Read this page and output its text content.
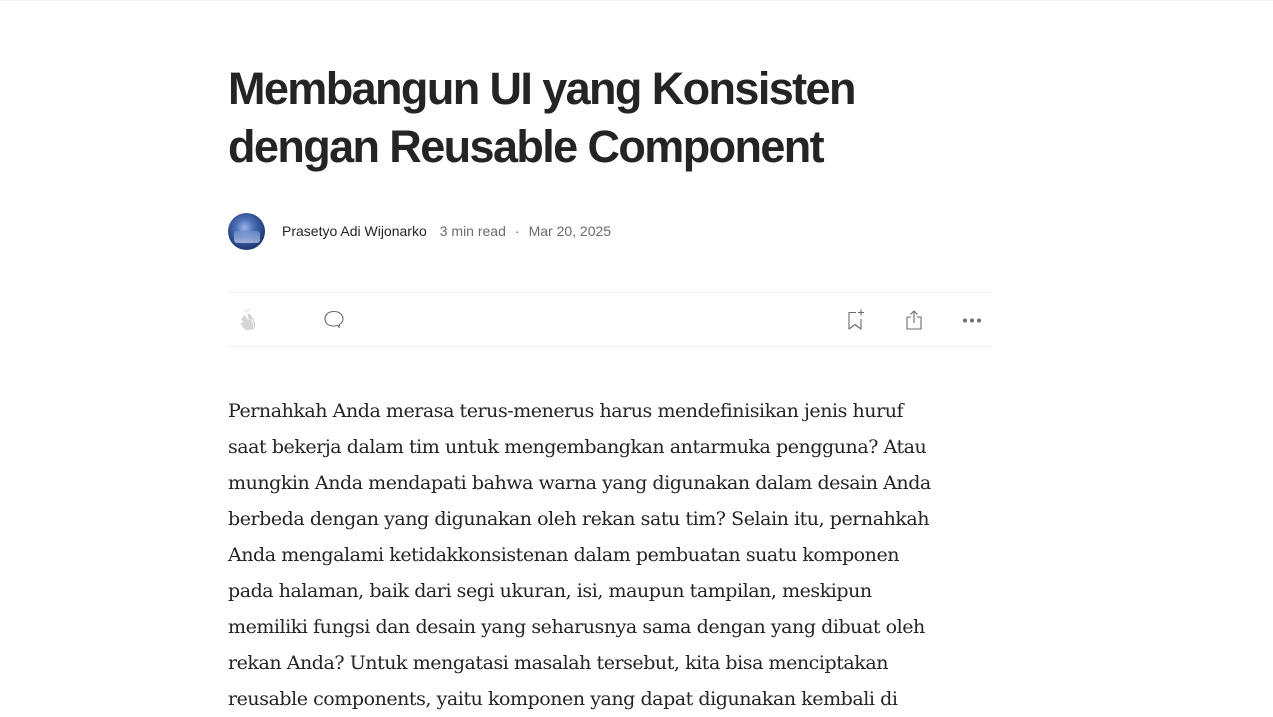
Membangun UI yang Konsisten
dengan Reusable Component
Prasetyo Adi Wijonarko 3 min read · Mar 20, 2025

Pernahkah Anda merasa terus-menerus harus mendefinisikan jenis huruf
saat bekerja dalam tim untuk mengembangkan antarmuka pengguna? Atau
mungkin Anda mendapati bahwa warna yang digunakan dalam desain Anda
berbeda dengan yang digunakan oleh rekan satu tim? Selain itu, pernahkah
Anda mengalami ketidakkonsistenan dalam pembuatan suatu komponen
pada halaman, baik dari segi ukuran, isi, maupun tampilan, meskipun
memiliki fungsi dan desain yang seharusnya sama dengan yang dibuat oleh
rekan Anda? Untuk mengatasi masalah tersebut, kita bisa menciptakan
reusable components, yaitu komponen yang dapat digunakan kembali di
